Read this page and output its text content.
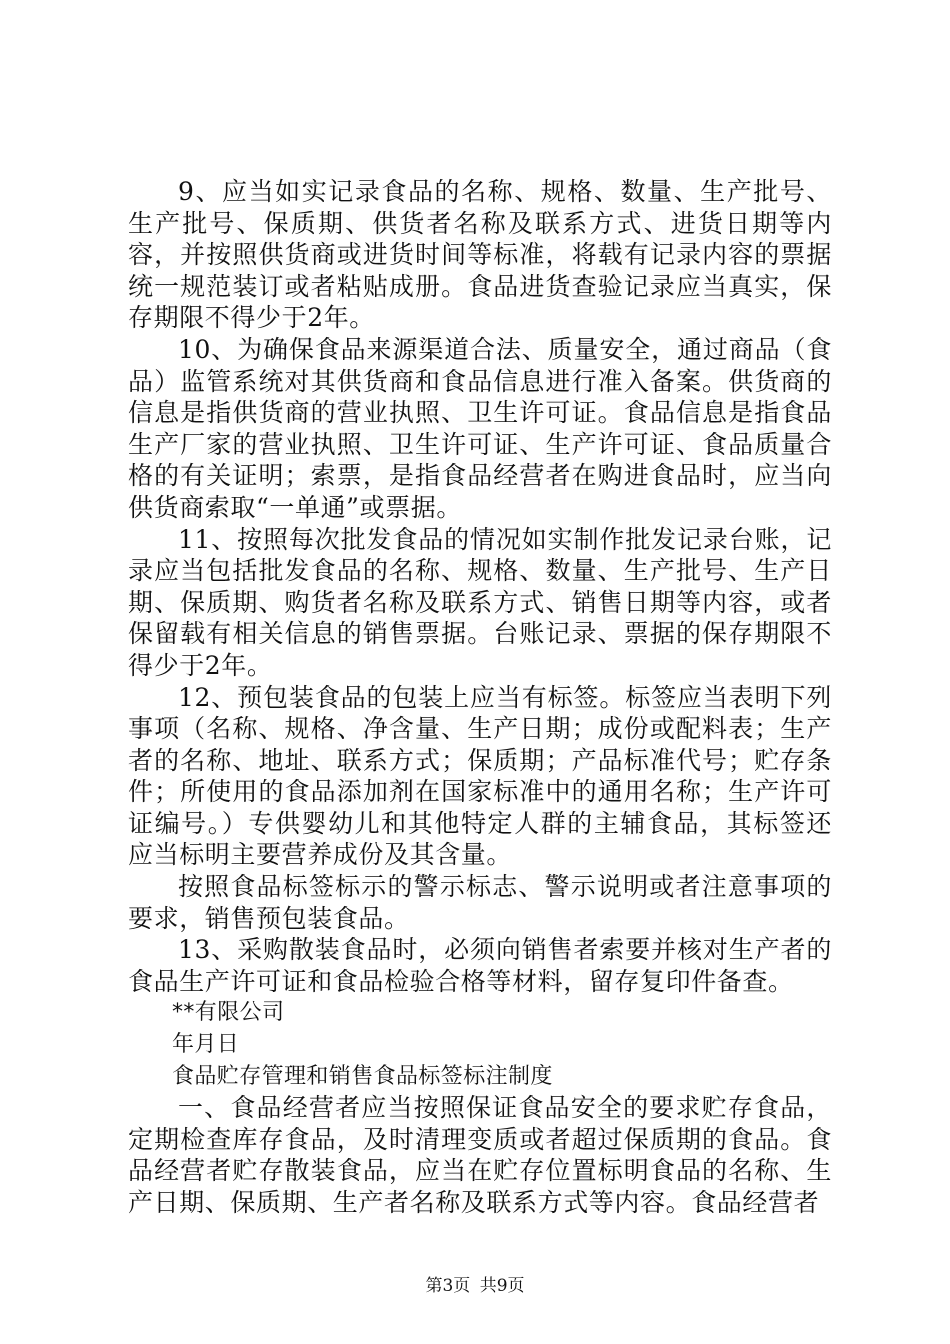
9、应当如实记录食品的名称、规格、数量、生产批号、生产批号、保质期、供货者名称及联系方式、进货日期等内容，并按照供货商或进货时间等标准，将载有记录内容的票据统一规范装订或者粘贴成册。食品进货查验记录应当真实，保存期限不得少于2年。

10、为确保食品来源渠道合法、质量安全，通过商品（食品）监管系统对其供货商和食品信息进行准入备案。供货商的信息是指供货商的营业执照、卫生许可证。食品信息是指食品生产厂家的营业执照、卫生许可证、生产许可证、食品质量合格的有关证明；索票，是指食品经营者在购进食品时，应当向供货商索取“一单通”或票据。

11、按照每次批发食品的情况如实制作批发记录台账，记录应当包括批发食品的名称、规格、数量、生产批号、生产日期、保质期、购货者名称及联系方式、销售日期等内容，或者保留载有相关信息的销售票据。台账记录、票据的保存期限不得少于2年。

12、预包装食品的包装上应当有标签。标签应当表明下列事项（名称、规格、净含量、生产日期；成份或配料表；生产者的名称、地址、联系方式；保质期；产品标准代号；贮存条件；所使用的食品添加剂在国家标准中的通用名称；生产许可证编号。）专供婴幼儿和其他特定人群的主辅食品，其标签还应当标明主要营养成份及其含量。

按照食品标签标示的警示标志、警示说明或者注意事项的要求，销售预包装食品。

13、采购散装食品时，必须向销售者索要并核对生产者的食品生产许可证和食品检验合格等材料，留存复印件备查。

**有限公司

年月日

食品贮存管理和销售食品标签标注制度

一、食品经营者应当按照保证食品安全的要求贮存食品，定期检查库存食品，及时清理变质或者超过保质期的食品。食品经营者贮存散装食品，应当在贮存位置标明食品的名称、生产日期、保质期、生产者名称及联系方式等内容。食品经营者

第3页 共9页
